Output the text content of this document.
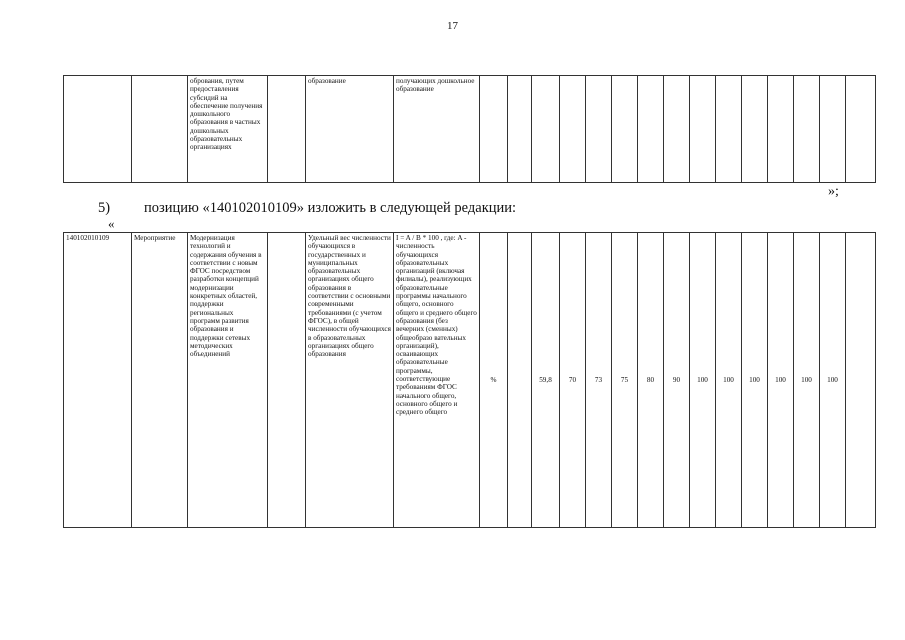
17
		обрования, путем предоставления субсидий на обеспечение получения дошкольного образования в частных дошкольных образовательных организациях		образование	получающих дошкольное образование															
»;
5) позицию «140102010109» изложить в следующей редакции:
«
140102010109	Мероприятие	Модернизация технологий и содержания обучения в соответствии с новым ФГОС посредством разработки концепций модернизации конкретных областей, поддержки региональных программ развития образования и поддержки сетевых методических объединений		Удельный вес численности обучающихся в государственных и муниципальных образовательных организациях общего образования в соответствии с основными современными требованиями (с учетом ФГОС), в общей численности обучающихся в образовательных организациях общего образования	I = A / B * 100 , где: A - численность обучающихся образовательных организаций (включая филиалы), реализующих образовательные программы начального общего, основного общего и среднего общего образования (без вечерних (сменных) общеобразо вательных организаций), осваивающих образовательные программы, соответствующие требованиям ФГОС начального общего, основного общего и среднего общего	%		59,8	70	73	75	80	90	100	100	100	100	100	100	
